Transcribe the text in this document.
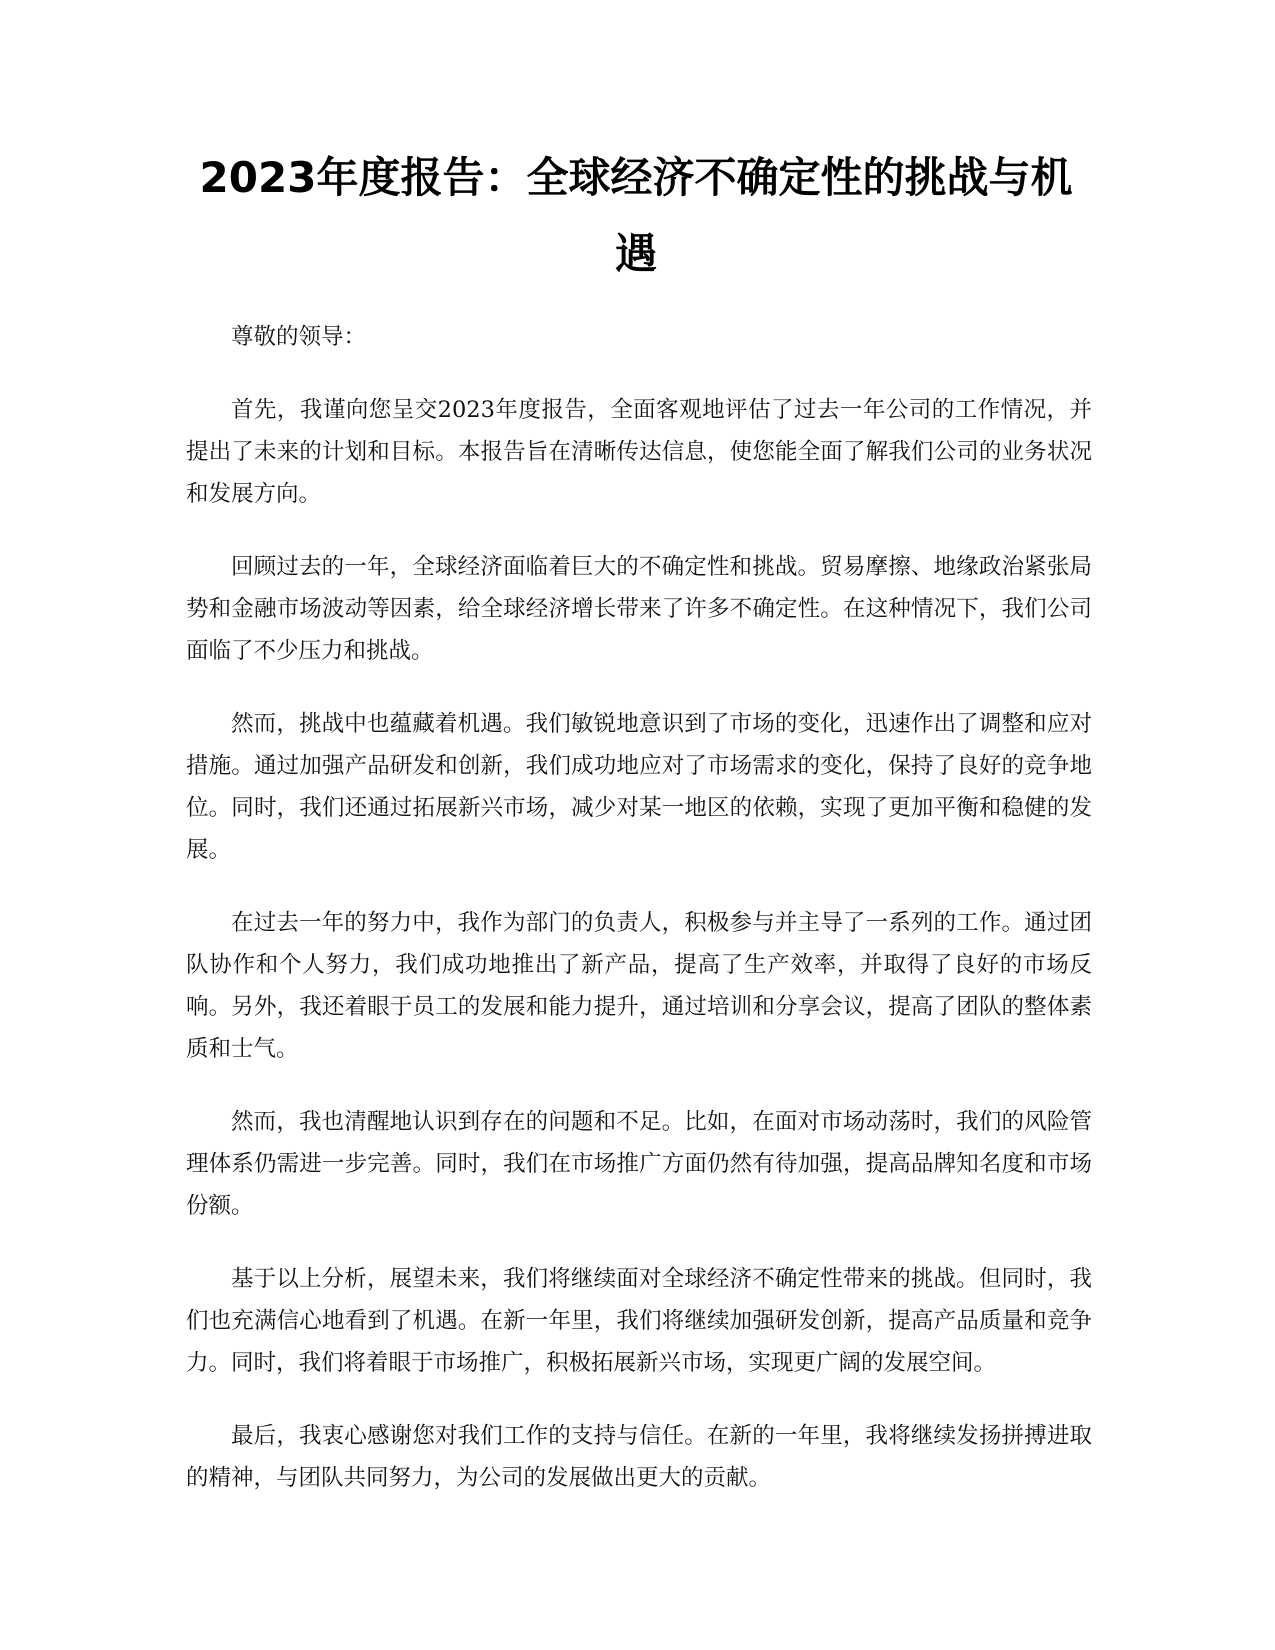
2023年度报告：全球经济不确定性的挑战与机遇

尊敬的领导：

首先，我谨向您呈交2023年度报告，全面客观地评估了过去一年公司的工作情况，并提出了未来的计划和目标。本报告旨在清晰传达信息，使您能全面了解我们公司的业务状况和发展方向。

回顾过去的一年，全球经济面临着巨大的不确定性和挑战。贸易摩擦、地缘政治紧张局势和金融市场波动等因素，给全球经济增长带来了许多不确定性。在这种情况下，我们公司面临了不少压力和挑战。

然而，挑战中也蕴藏着机遇。我们敏锐地意识到了市场的变化，迅速作出了调整和应对措施。通过加强产品研发和创新，我们成功地应对了市场需求的变化，保持了良好的竞争地位。同时，我们还通过拓展新兴市场，减少对某一地区的依赖，实现了更加平衡和稳健的发展。

在过去一年的努力中，我作为部门的负责人，积极参与并主导了一系列的工作。通过团队协作和个人努力，我们成功地推出了新产品，提高了生产效率，并取得了良好的市场反响。另外，我还着眼于员工的发展和能力提升，通过培训和分享会议，提高了团队的整体素质和士气。

然而，我也清醒地认识到存在的问题和不足。比如，在面对市场动荡时，我们的风险管理体系仍需进一步完善。同时，我们在市场推广方面仍然有待加强，提高品牌知名度和市场份额。

基于以上分析，展望未来，我们将继续面对全球经济不确定性带来的挑战。但同时，我们也充满信心地看到了机遇。在新一年里，我们将继续加强研发创新，提高产品质量和竞争力。同时，我们将着眼于市场推广，积极拓展新兴市场，实现更广阔的发展空间。

最后，我衷心感谢您对我们工作的支持与信任。在新的一年里，我将继续发扬拼搏进取的精神，与团队共同努力，为公司的发展做出更大的贡献。
